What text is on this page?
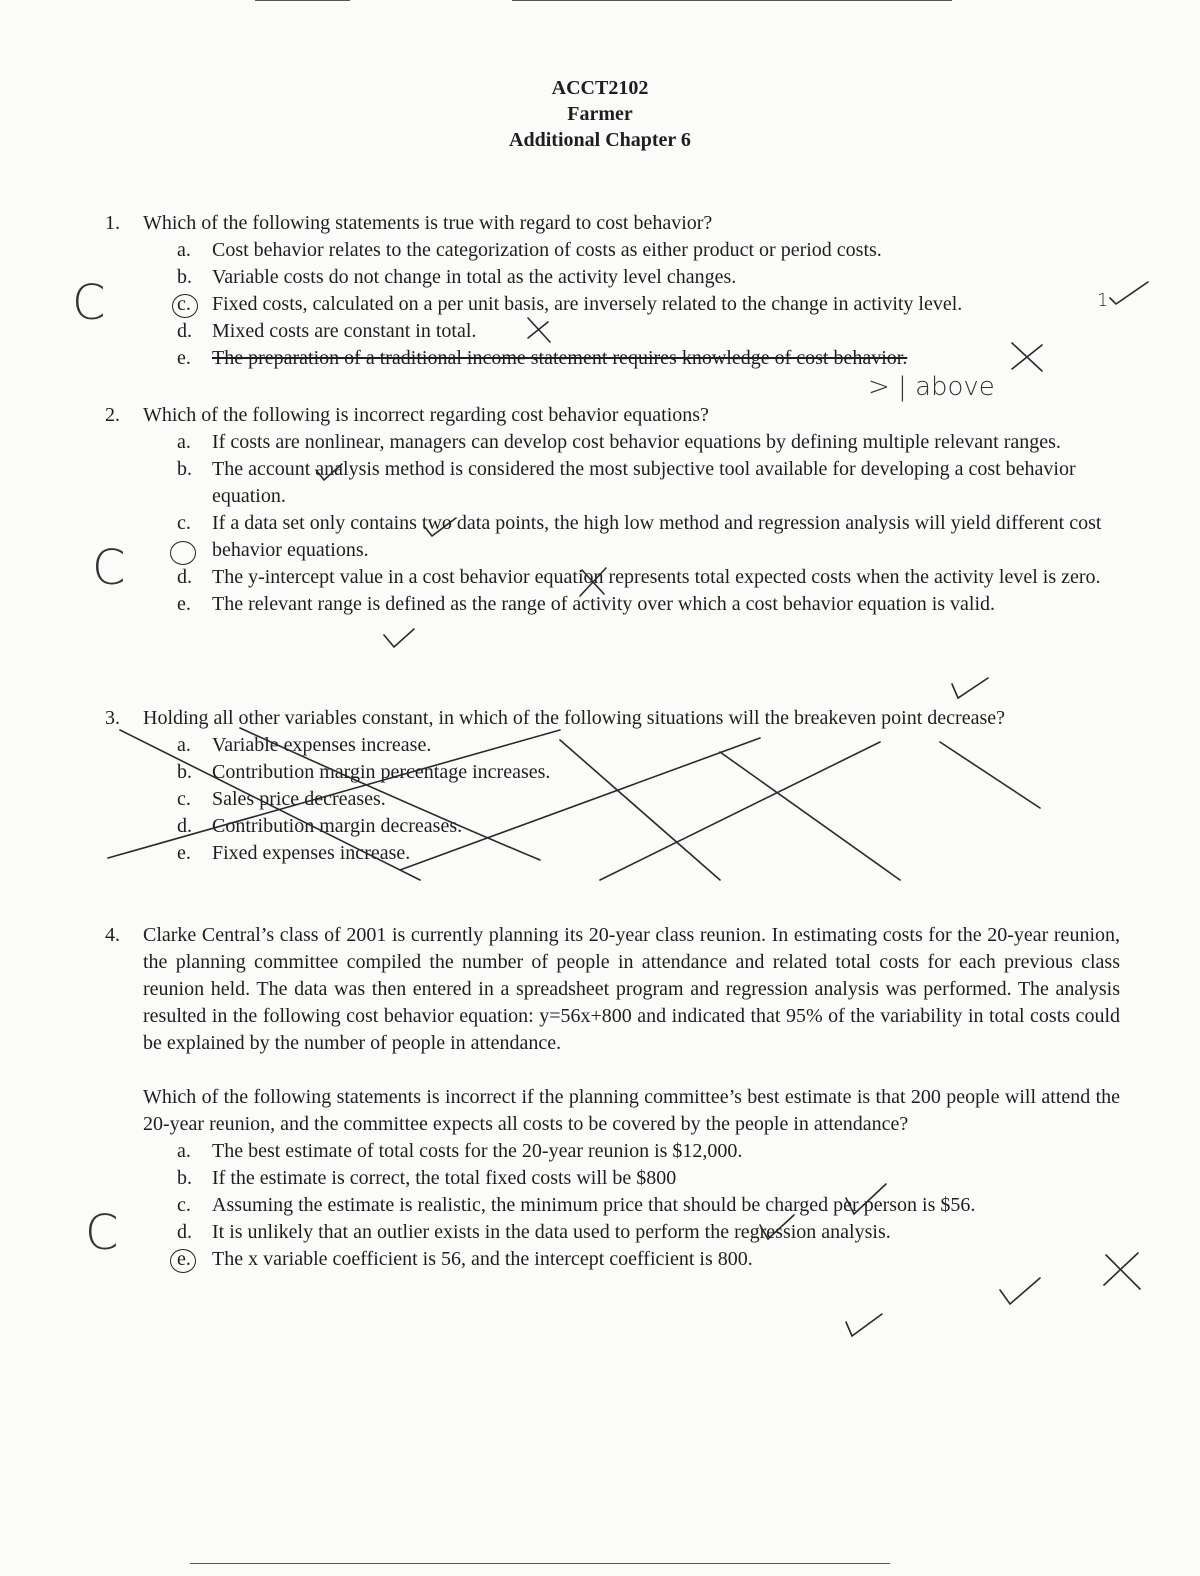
ACCT2102
Farmer
Additional Chapter 6
1. Which of the following statements is true with regard to cost behavior?
a. Cost behavior relates to the categorization of costs as either product or period costs.
b. Variable costs do not change in total as the activity level changes.
c. Fixed costs, calculated on a per unit basis, are inversely related to the change in activity level.
d. Mixed costs are constant in total.
e. The preparation of a traditional income statement requires knowledge of cost behavior.
2. Which of the following is incorrect regarding cost behavior equations?
a. If costs are nonlinear, managers can develop cost behavior equations by defining multiple relevant ranges.
b. The account analysis method is considered the most subjective tool available for developing a cost behavior equation.
c. If a data set only contains two data points, the high low method and regression analysis will yield different cost behavior equations.
d. The y-intercept value in a cost behavior equation represents total expected costs when the activity level is zero.
e. The relevant range is defined as the range of activity over which a cost behavior equation is valid.
3. Holding all other variables constant, in which of the following situations will the breakeven point decrease?
a. Variable expenses increase.
b. Contribution margin percentage increases.
c. Sales price decreases.
d. Contribution margin decreases.
e. Fixed expenses increase.
4. Clarke Central’s class of 2001 is currently planning its 20-year class reunion. In estimating costs for the 20-year reunion, the planning committee compiled the number of people in attendance and related total costs for each previous class reunion held. The data was then entered in a spreadsheet program and regression analysis was performed. The analysis resulted in the following cost behavior equation: y=56x+800 and indicated that 95% of the variability in total costs could be explained by the number of people in attendance.
Which of the following statements is incorrect if the planning committee’s best estimate is that 200 people will attend the 20-year reunion, and the committee expects all costs to be covered by the people in attendance?
a. The best estimate of total costs for the 20-year reunion is $12,000.
b. If the estimate is correct, the total fixed costs will be $800
c. Assuming the estimate is realistic, the minimum price that should be charged per person is $56.
d. It is unlikely that an outlier exists in the data used to perform the regression analysis.
e. The x variable coefficient is 56, and the intercept coefficient is 800.
C
C
C
> | above
1
